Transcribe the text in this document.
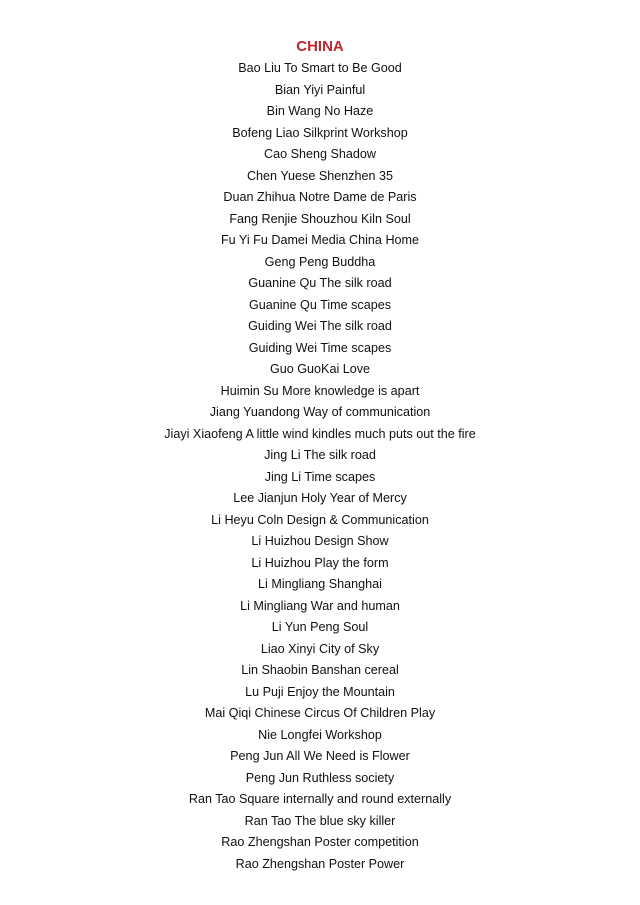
CHINA
Bao Liu To Smart to Be Good
Bian Yiyi Painful
Bin Wang No Haze
Bofeng Liao Silkprint Workshop
Cao Sheng Shadow
Chen Yuese Shenzhen 35
Duan Zhihua Notre Dame de Paris
Fang Renjie Shouzhou Kiln Soul
Fu Yi Fu Damei Media China Home
Geng Peng Buddha
Guanine Qu The silk road
Guanine Qu Time scapes
Guiding Wei The silk road
Guiding Wei Time scapes
Guo GuoKai Love
Huimin Su More knowledge is apart
Jiang Yuandong Way of communication
Jiayi Xiaofeng A little wind kindles much puts out the fire
Jing Li The silk road
Jing Li Time scapes
Lee Jianjun Holy Year of Mercy
Li Heyu Coln Design & Communication
Li Huizhou Design Show
Li Huizhou Play the form
Li Mingliang Shanghai
Li Mingliang War and human
Li Yun Peng Soul
Liao Xinyi City of Sky
Lin Shaobin Banshan cereal
Lu Puji Enjoy the Mountain
Mai Qiqi Chinese Circus Of Children Play
Nie Longfei Workshop
Peng Jun All We Need is Flower
Peng Jun Ruthless society
Ran Tao Square internally and round externally
Ran Tao The blue sky killer
Rao Zhengshan Poster competition
Rao Zhengshan Poster Power
